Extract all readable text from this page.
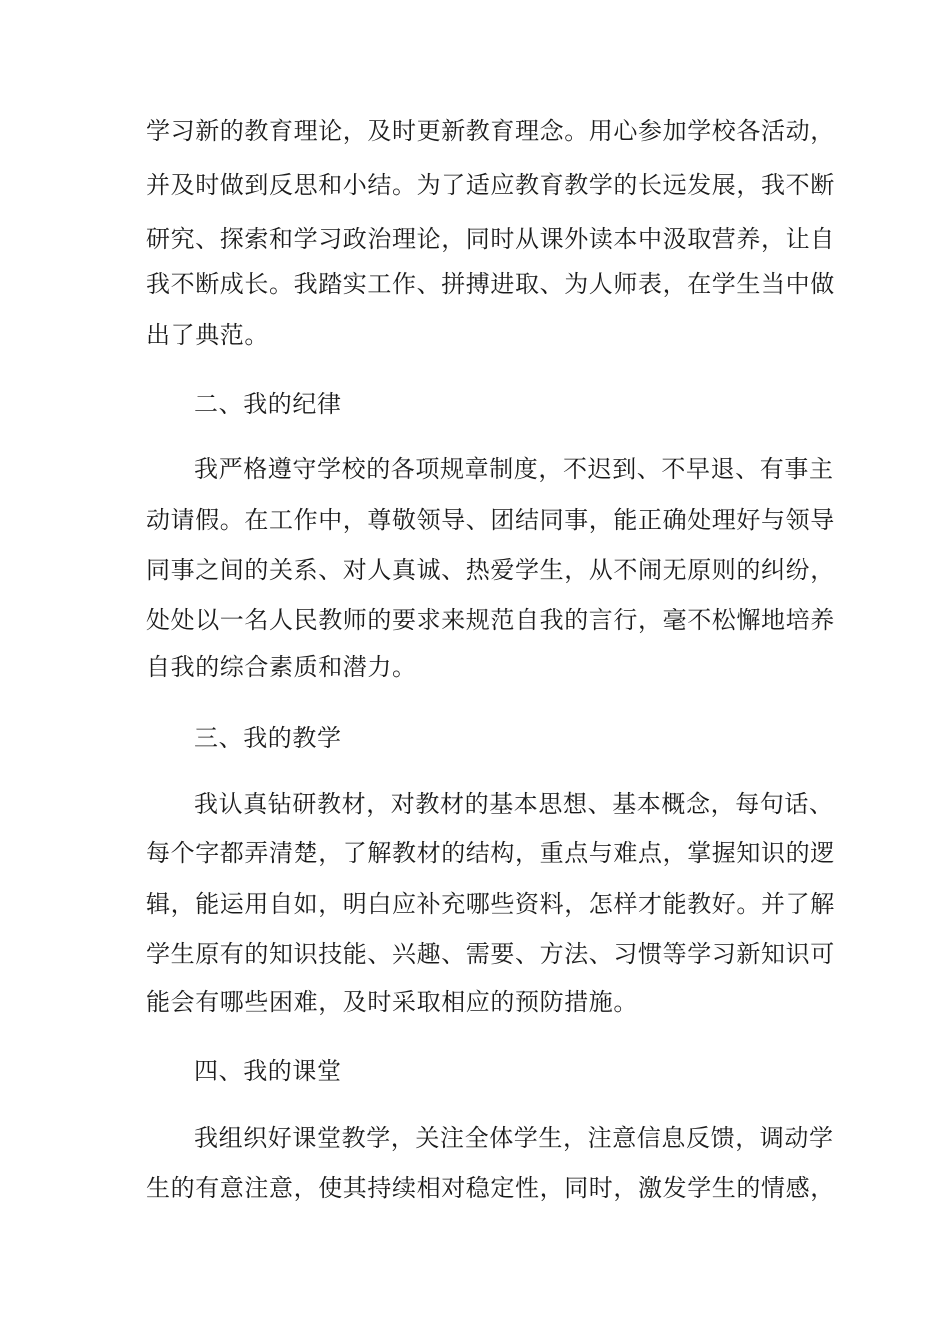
学习新的教育理论，及时更新教育理念。用心参加学校各活动，
并及时做到反思和小结。为了适应教育教学的长远发展，我不断
研究、探索和学习政治理论，同时从课外读本中汲取营养，让自
我不断成长。我踏实工作、拼搏进取、为人师表，在学生当中做
出了典范。
二、我的纪律
我严格遵守学校的各项规章制度，不迟到、不早退、有事主
动请假。在工作中，尊敬领导、团结同事，能正确处理好与领导
同事之间的关系、对人真诚、热爱学生，从不闹无原则的纠纷，
处处以一名人民教师的要求来规范自我的言行，毫不松懈地培养
自我的综合素质和潜力。
三、我的教学
我认真钻研教材，对教材的基本思想、基本概念，每句话、
每个字都弄清楚，了解教材的结构，重点与难点，掌握知识的逻
辑，能运用自如，明白应补充哪些资料，怎样才能教好。并了解
学生原有的知识技能、兴趣、需要、方法、习惯等学习新知识可
能会有哪些困难，及时采取相应的预防措施。
四、我的课堂
我组织好课堂教学，关注全体学生，注意信息反馈，调动学
生的有意注意，使其持续相对稳定性，同时，激发学生的情感，
